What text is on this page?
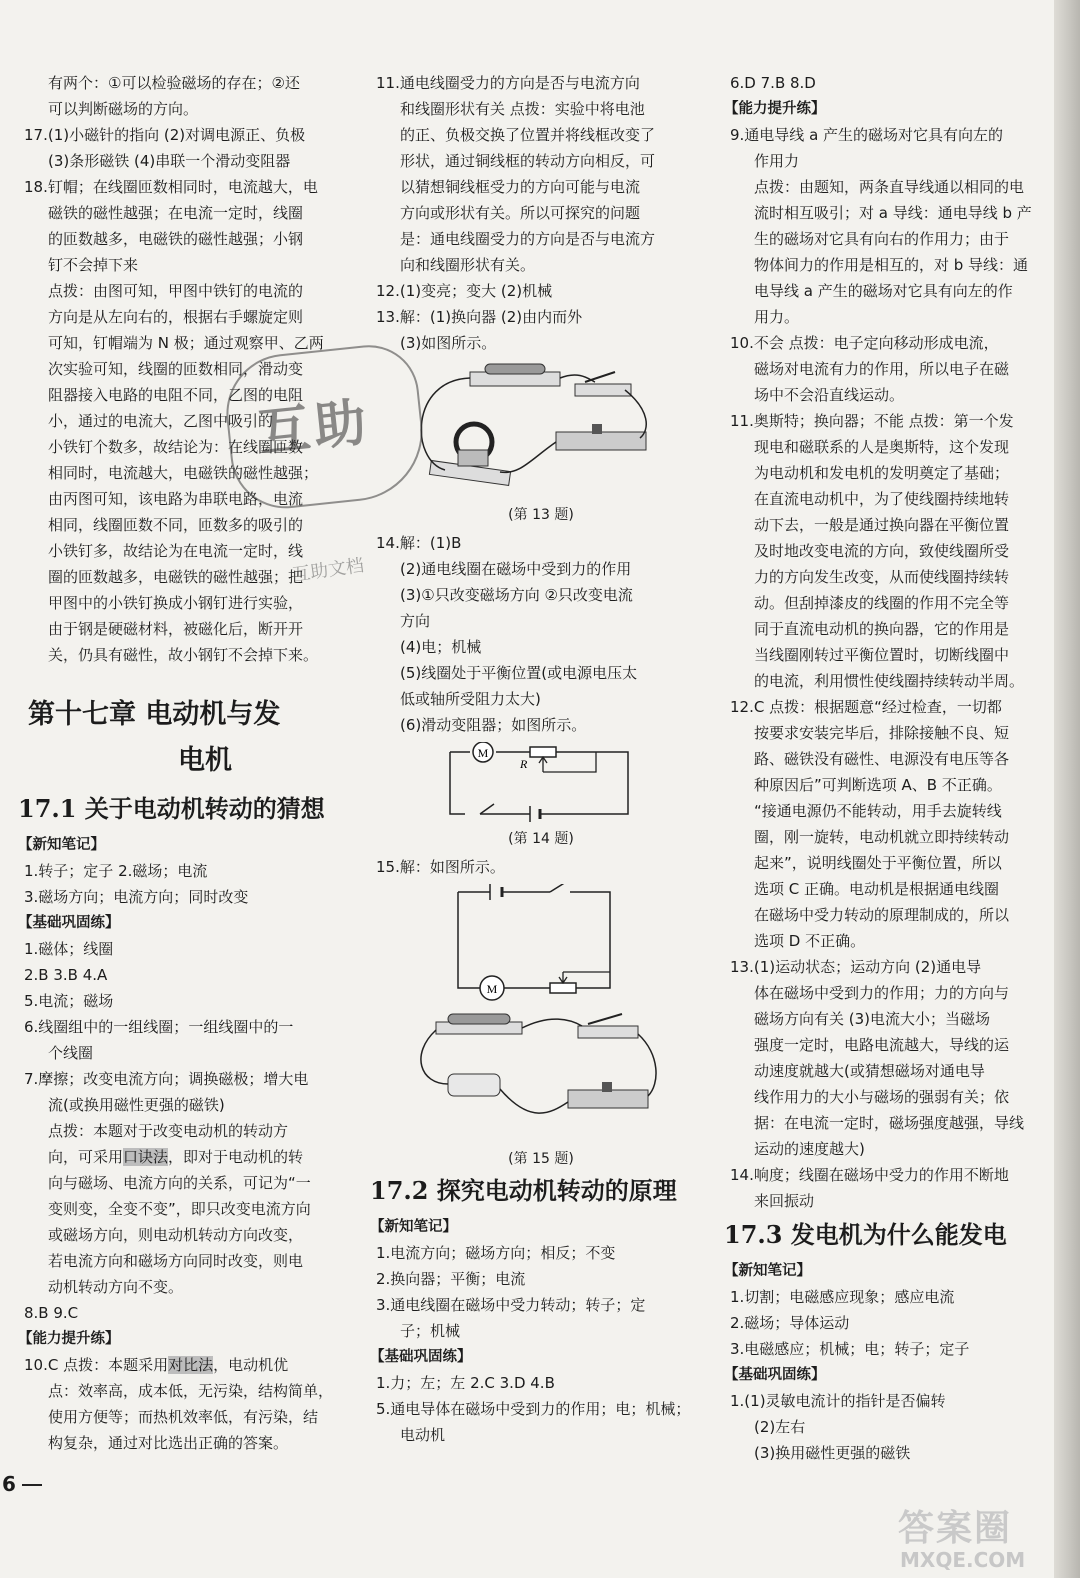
有两个：①可以检验磁场的存在；②还

可以判断磁场的方向。

17.(1)小磁针的指向 (2)对调电源正、负极

(3)条形磁铁 (4)串联一个滑动变阻器

18.钉帽；在线圈匝数相同时，电流越大，电

磁铁的磁性越强；在电流一定时，线圈

的匝数越多，电磁铁的磁性越强；小钢

钉不会掉下来

点拨：由图可知，甲图中铁钉的电流的

方向是从左向右的，根据右手螺旋定则

可知，钉帽端为 N 极；通过观察甲、乙两

次实验可知，线圈的匝数相同，滑动变

阻器接入电路的电阻不同，乙图的电阻

小，通过的电流大，乙图中吸引的

小铁钉个数多，故结论为：在线圈匝数

相同时，电流越大，电磁铁的磁性越强；

由丙图可知，该电路为串联电路，电流

相同，线圈匝数不同，匝数多的吸引的

小铁钉多，故结论为在电流一定时，线

圈的匝数越多，电磁铁的磁性越强；把

甲图中的小铁钉换成小钢钉进行实验，

由于钢是硬磁材料，被磁化后，断开开

关，仍具有磁性，故小钢钉不会掉下来。

第十七章 电动机与发
电机
17.1 关于电动机转动的猜想

【新知笔记】

1.转子；定子 2.磁场；电流

3.磁场方向；电流方向；同时改变

【基础巩固练】

1.磁体；线圈

2.B 3.B 4.A

5.电流；磁场

6.线圈组中的一组线圈；一组线圈中的一

个线圈

7.摩擦；改变电流方向；调换磁极；增大电

流(或换用磁性更强的磁铁)

点拨：本题对于改变电动机的转动方

向，可采用口诀法，即对于电动机的转

向与磁场、电流方向的关系，可记为“一

变则变，全变不变”，即只改变电流方向

或磁场方向，则电动机转动方向改变，

若电流方向和磁场方向同时改变，则电

动机转动方向不变。

8.B 9.C

【能力提升练】

10.C 点拨：本题采用对比法，电动机优

点：效率高，成本低，无污染，结构简单，

使用方便等；而热机效率低，有污染，结

构复杂，通过对比选出正确的答案。

11.通电线圈受力的方向是否与电流方向

和线圈形状有关 点拨：实验中将电池

的正、负极交换了位置并将线框改变了

形状，通过铜线框的转动方向相反，可

以猜想铜线框受力的方向可能与电流

方向或形状有关。所以可探究的问题

是：通电线圈受力的方向是否与电流方

向和线圈形状有关。

12.(1)变亮；变大 (2)机械

13.解：(1)换向器 (2)由内而外

(3)如图所示。

(第 13 题)

14.解：(1)B

(2)通电线圈在磁场中受到力的作用

(3)①只改变磁场方向 ②只改变电流

方向

(4)电；机械

(5)线圈处于平衡位置(或电源电压太

低或轴所受阻力太大)

(6)滑动变阻器；如图所示。

M
R
(第 14 题)

15.解：如图所示。

M
(第 15 题)
17.2 探究电动机转动的原理

【新知笔记】

1.电流方向；磁场方向；相反；不变

2.换向器；平衡；电流

3.通电线圈在磁场中受力转动；转子；定

子；机械

【基础巩固练】

1.力；左；左 2.C 3.D 4.B

5.通电导体在磁场中受到力的作用；电；机械；

电动机

6.D 7.B 8.D

【能力提升练】

9.通电导线 a 产生的磁场对它具有向左的

作用力

点拨：由题知，两条直导线通以相同的电

流时相互吸引；对 a 导线：通电导线 b 产

生的磁场对它具有向右的作用力；由于

物体间力的作用是相互的，对 b 导线：通

电导线 a 产生的磁场对它具有向左的作

用力。

10.不会 点拨：电子定向移动形成电流，

磁场对电流有力的作用，所以电子在磁

场中不会沿直线运动。

11.奥斯特；换向器；不能 点拨：第一个发

现电和磁联系的人是奥斯特，这个发现

为电动机和发电机的发明奠定了基础；

在直流电动机中，为了使线圈持续地转

动下去，一般是通过换向器在平衡位置

及时地改变电流的方向，致使线圈所受

力的方向发生改变，从而使线圈持续转

动。但刮掉漆皮的线圈的作用不完全等

同于直流电动机的换向器，它的作用是

当线圈刚转过平衡位置时，切断线圈中

的电流，利用惯性使线圈持续转动半周。

12.C 点拨：根据题意“经过检查，一切都

按要求安装完毕后，排除接触不良、短

路、磁铁没有磁性、电源没有电压等各

种原因后”可判断选项 A、B 不正确。

“接通电源仍不能转动，用手去旋转线

圈，刚一旋转，电动机就立即持续转动

起来”，说明线圈处于平衡位置，所以

选项 C 正确。电动机是根据通电线圈

在磁场中受力转动的原理制成的，所以

选项 D 不正确。

13.(1)运动状态；运动方向 (2)通电导

体在磁场中受到力的作用；力的方向与

磁场方向有关 (3)电流大小；当磁场

强度一定时，电路电流越大，导线的运

动速度就越大(或猜想磁场对通电导

线作用力的大小与磁场的强弱有关；依

据：在电流一定时，磁场强度越强，导线

运动的速度越大)

14.响度；线圈在磁场中受力的作用不断地

来回振动

17.3 发电机为什么能发电

【新知笔记】

1.切割；电磁感应现象；感应电流

2.磁场；导体运动

3.电磁感应；机械；电；转子；定子

【基础巩固练】

1.(1)灵敏电流计的指针是否偏转

(2)左右

(3)换用磁性更强的磁铁

互助
互助文档
6
答案圈
MXQE.COM
